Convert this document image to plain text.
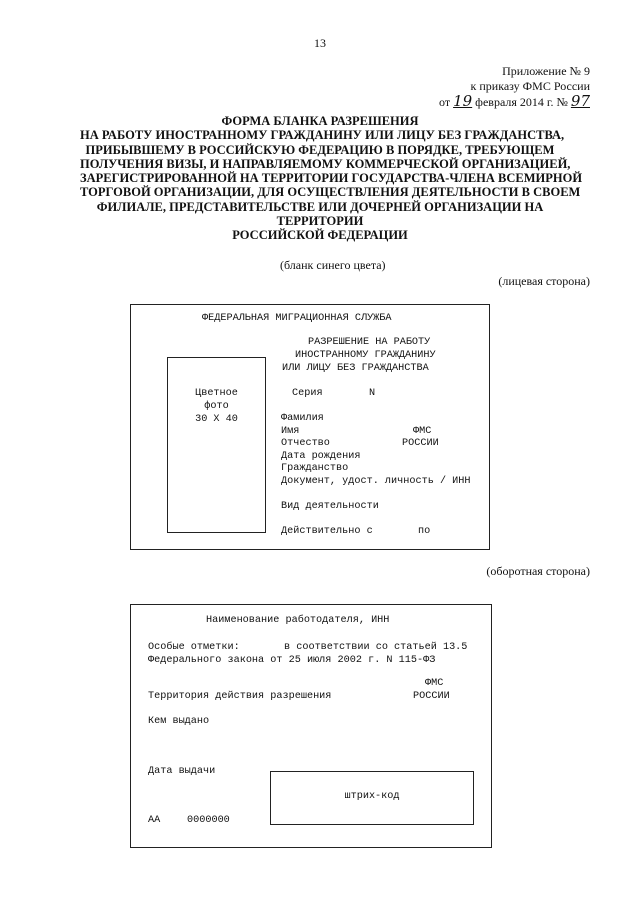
13
Приложение № 9
к приказу ФМС России
от 19 февраля 2014 г. № 97
ФОРМА БЛАНКА РАЗРЕШЕНИЯ
НА РАБОТУ ИНОСТРАННОМУ ГРАЖДАНИНУ ИЛИ ЛИЦУ БЕЗ ГРАЖДАНСТВА,
ПРИБЫВШЕМУ В РОССИЙСКУЮ ФЕДЕРАЦИЮ В ПОРЯДКЕ, ТРЕБУЮЩЕМ
ПОЛУЧЕНИЯ ВИЗЫ, И НАПРАВЛЯЕМОМУ КОММЕРЧЕСКОЙ ОРГАНИЗАЦИЕЙ,
ЗАРЕГИСТРИРОВАННОЙ НА ТЕРРИТОРИИ ГОСУДАРСТВА-ЧЛЕНА ВСЕМИРНОЙ
ТОРГОВОЙ ОРГАНИЗАЦИИ, ДЛЯ ОСУЩЕСТВЛЕНИЯ ДЕЯТЕЛЬНОСТИ В СВОЕМ
ФИЛИАЛЕ, ПРЕДСТАВИТЕЛЬСТВЕ ИЛИ ДОЧЕРНЕЙ ОРГАНИЗАЦИИ НА
ТЕРРИТОРИИ
РОССИЙСКОЙ ФЕДЕРАЦИИ
(бланк синего цвета)
(лицевая сторона)
ФЕДЕРАЛЬНАЯ МИГРАЦИОННАЯ СЛУЖБА
РАЗРЕШЕНИЕ НА РАБОТУ
ИНОСТРАННОМУ ГРАЖДАНИНУ
ИЛИ ЛИЦУ БЕЗ ГРАЖДАНСТВА
Цветное
фото
30 X 40
Серия	N
Фамилия
Имя	ФМС
Отчество	РОССИИ
Дата рождения
Гражданство
Документ, удост. личность / ИНН
Вид деятельности
Действительно с	по
(оборотная сторона)
Наименование работодателя, ИНН
Особые отметки:	в соответствии со статьей 13.5
Федерального закона от 25 июля 2002 г. N 115-ФЗ
ФМС
Территория действия разрешения	РОССИИ
Кем выдано
Дата выдачи
штрих-код
АА	0000000
